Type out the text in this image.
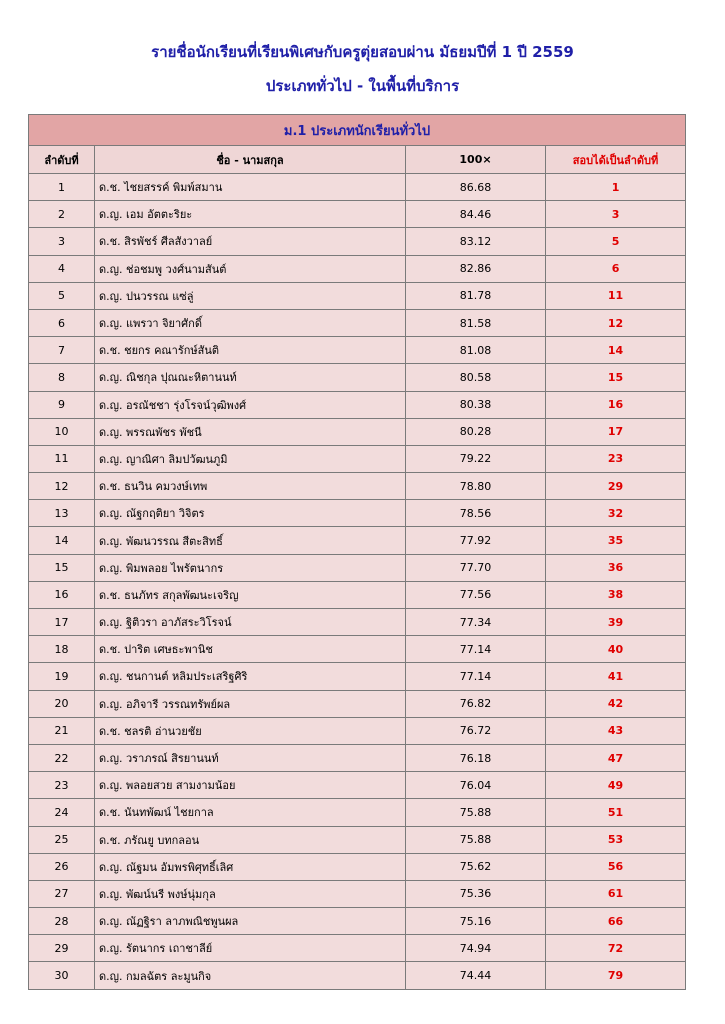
รายชื่อนักเรียนที่เรียนพิเศษกับครูตุ่ยสอบผ่าน มัธยมปีที่ 1 ปี 2559
ประเภททั่วไป - ในพื้นที่บริการ
ม.1 ประเภทนักเรียนทั่วไป			
ลำดับที่	ชื่อ - นามสกุล	100×	สอบได้เป็นลำดับที่
1	ด.ช. ไชยสรรค์ พิมพ์สมาน	86.68	1
2	ด.ญ. เอม อัตตะริยะ	84.46	3
3	ด.ช. สิรพัชร์ ศีลสังวาลย์	83.12	5
4	ด.ญ. ช่อชมพู วงศ์นามสันต์	82.86	6
5	ด.ญ. ปนวรรณ แซ่ลู่	81.78	11
6	ด.ญ. แพรวา จิยาศักดิ์	81.58	12
7	ด.ช. ชยกร คณารักษ์สันติ	81.08	14
8	ด.ญ. ณิชกุล ปุณณะหิตานนท์	80.58	15
9	ด.ญ. อรณัชชา รุ่งโรจน์วุฒิพงศ์	80.38	16
10	ด.ญ. พรรณพัชร พัชนี	80.28	17
11	ด.ญ. ญาณิศา ลิมปวัฒนภูมิ	79.22	23
12	ด.ช. ธนวิน คมวงษ์เทพ	78.80	29
13	ด.ญ. ณัฐกฤติยา วิจิตร	78.56	32
14	ด.ญ. พัฒนวรรณ สีตะสิทธิ์	77.92	35
15	ด.ญ. พิมพลอย ไพรัตนากร	77.70	36
16	ด.ช. ธนภัทร สกุลพัฒนะเจริญ	77.56	38
17	ด.ญ. ฐิติวรา อาภัสระวิโรจน์	77.34	39
18	ด.ช. ปาริต เศษธะพานิช	77.14	40
19	ด.ญ. ชนกานต์ หลิมประเสริฐศิริ	77.14	41
20	ด.ญ. อภิจารี วรรณทรัพย์ผล	76.82	42
21	ด.ช. ชลรติ อ่านวยชัย	76.72	43
22	ด.ญ. วราภรณ์ สิรยานนท์	76.18	47
23	ด.ญ. พลอยสวย สามงามน้อย	76.04	49
24	ด.ช. นันทพัฒน์ ไชยกาล	75.88	51
25	ด.ช. ภรัณยู บทกลอน	75.88	53
26	ด.ญ. ณัฐมน อัมพรพิศุทธิ์เลิศ	75.62	56
27	ด.ญ. พัฒน์นรี พงษ์นุ่มกุล	75.36	61
28	ด.ญ. ณัฏฐิรา ลาภพณิชพูนผล	75.16	66
29	ด.ญ. รัตนากร เถาชาลีย์	74.94	72
30	ด.ญ. กมลฉัตร ละมูนกิจ	74.44	79
